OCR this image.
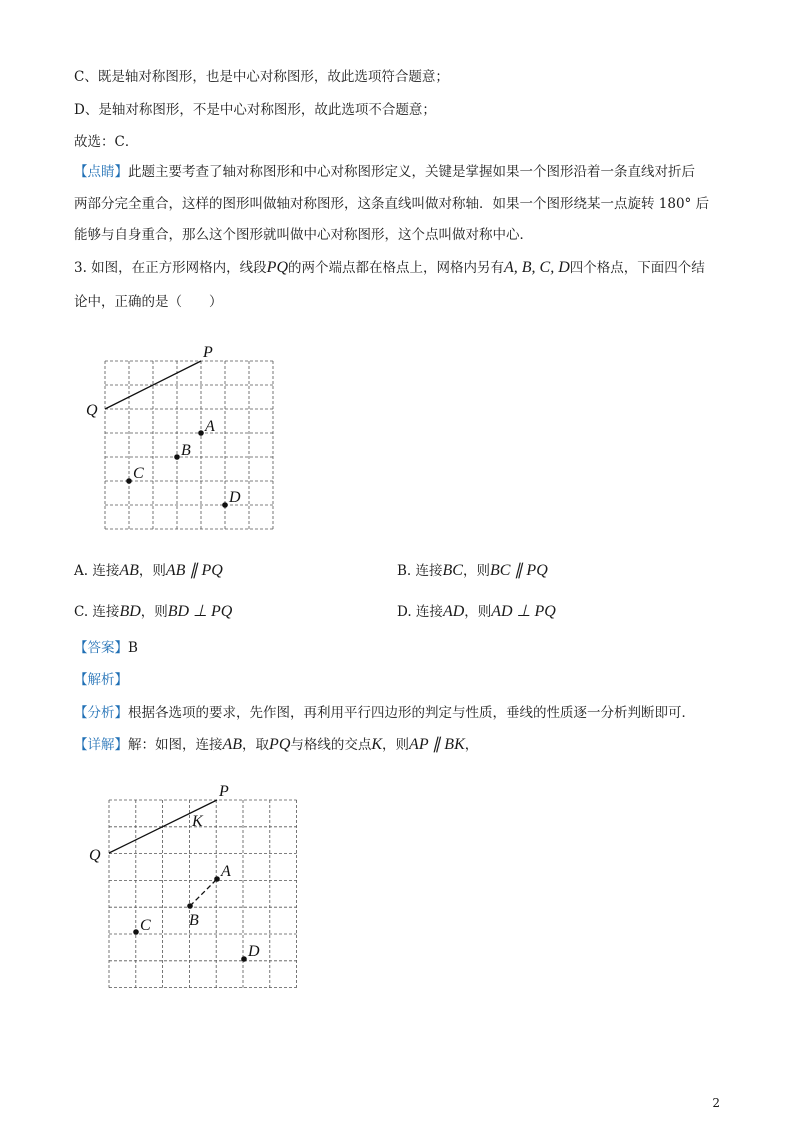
C、既是轴对称图形，也是中心对称图形，故此选项符合题意；
D、是轴对称图形，不是中心对称图形，故此选项不合题意；
故选：C．
【点睛】此题主要考查了轴对称图形和中心对称图形定义，关键是掌握如果一个图形沿着一条直线对折后
两部分完全重合，这样的图形叫做轴对称图形，这条直线叫做对称轴．如果一个图形绕某一点旋转 180° 后
能够与自身重合，那么这个图形就叫做中心对称图形，这个点叫做对称中心．
3. 如图，在正方形网格内，线段PQ的两个端点都在格点上，网格内另有A, B, C, D四个格点，下面四个结
论中，正确的是（　　）
P
Q
A
B
C
D
P
Q
K
A
B
C
D
A. 连接AB，则AB ∥ PQ	B. 连接BC，则BC ∥ PQ
C. 连接BD，则BD ⊥ PQ	D. 连接AD，则AD ⊥ PQ
【答案】B
【解析】
【分析】根据各选项的要求，先作图，再利用平行四边形的判定与性质，垂线的性质逐一分析判断即可．
【详解】解：如图，连接AB，取PQ与格线的交点K，则AP ∥ BK，
2
